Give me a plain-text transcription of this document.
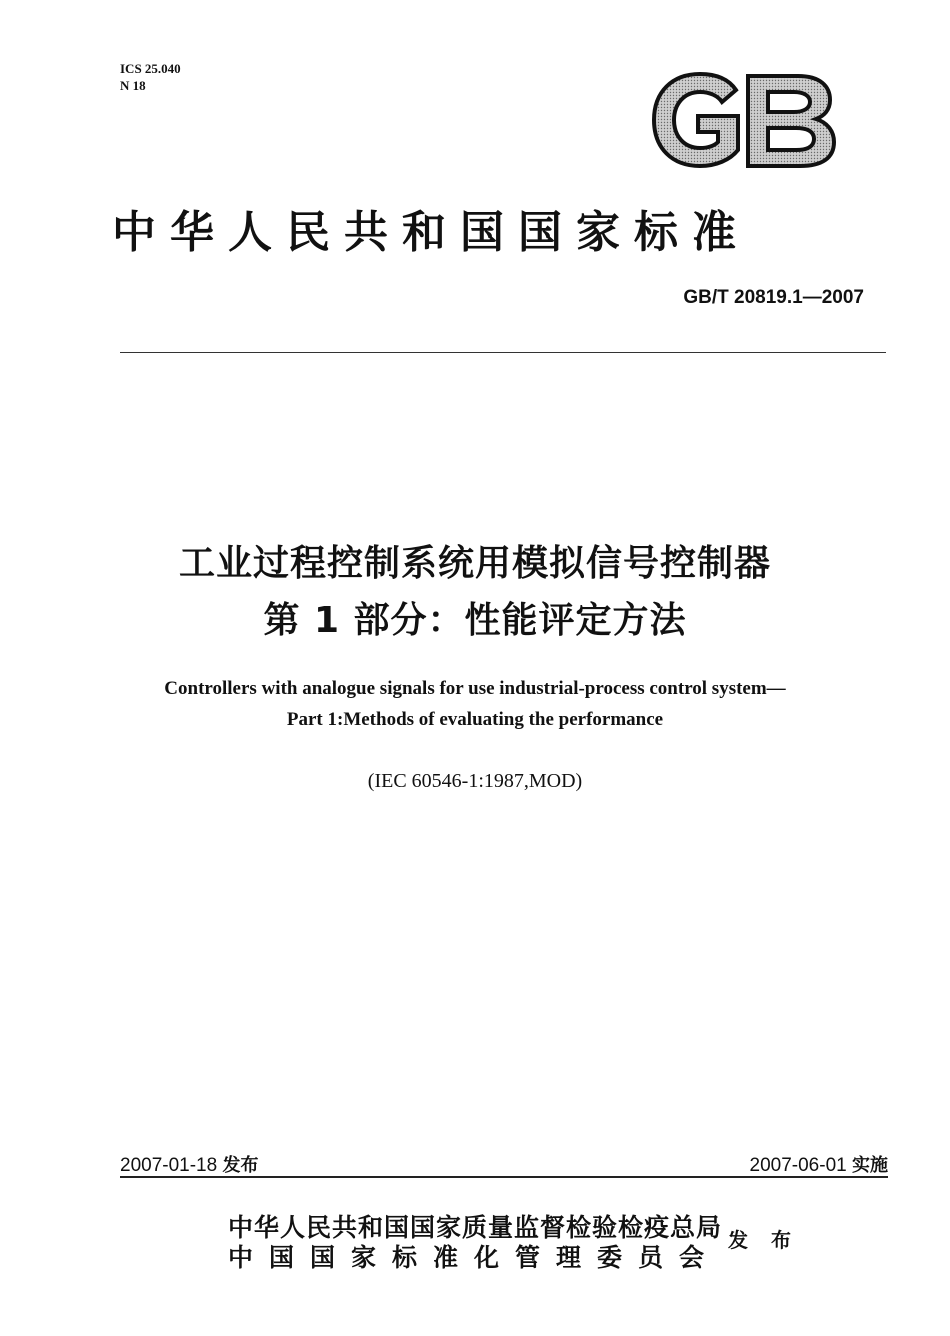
ICS 25.040
N 18
中华人民共和国国家标准
GB/T 20819.1—2007
工业过程控制系统用模拟信号控制器
第 1 部分：性能评定方法
Controllers with analogue signals for use industrial-process control system—
Part 1:Methods of evaluating the performance
(IEC 60546-1:1987,MOD)
2007-01-18 发布	2007-06-01 实施
中华人民共和国国家质量监督检验检疫总局
中国国家标准化管理委员会
发 布
